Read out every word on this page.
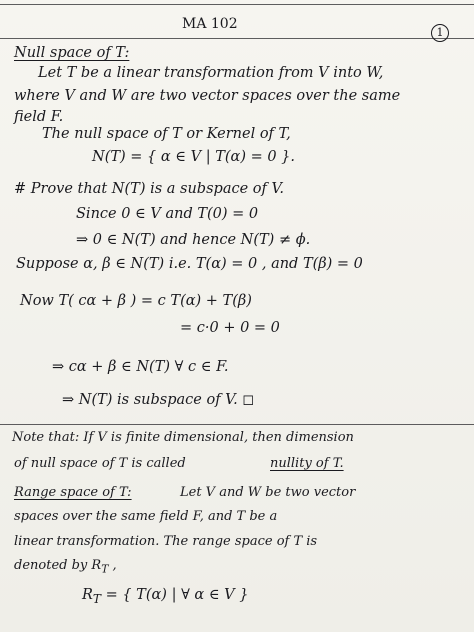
MA 102
1
Null space of T:
Let T be a linear transformation from V into W,
where V and W are two vector spaces over the same
field F.
The null space of T or Kernel of T,
N(T) = { α ∈ V | T(α) = 0 }.
# Prove that N(T) is a subspace of V.
Since 0 ∈ V and T(0) = 0
⇒ 0 ∈ N(T) and hence N(T) ≠ ϕ.
Suppose α, β ∈ N(T) i.e. T(α) = 0 , and T(β) = 0
Now T( cα + β ) = c T(α) + T(β)
= c·0 + 0 = 0
⇒ cα + β ∈ N(T) ∀ c ∈ F.
⇒ N(T) is subspace of V. ◻
Note that: If V is finite dimensional, then dimension
of null space of T is called	nullity of T.
Range space of T:	Let V and W be two vector
spaces over the same field F, and T be a
linear transformation. The range space of T is
denoted by $R_T$ ,
$R_T$ = { T(α) | ∀ α ∈ V }
